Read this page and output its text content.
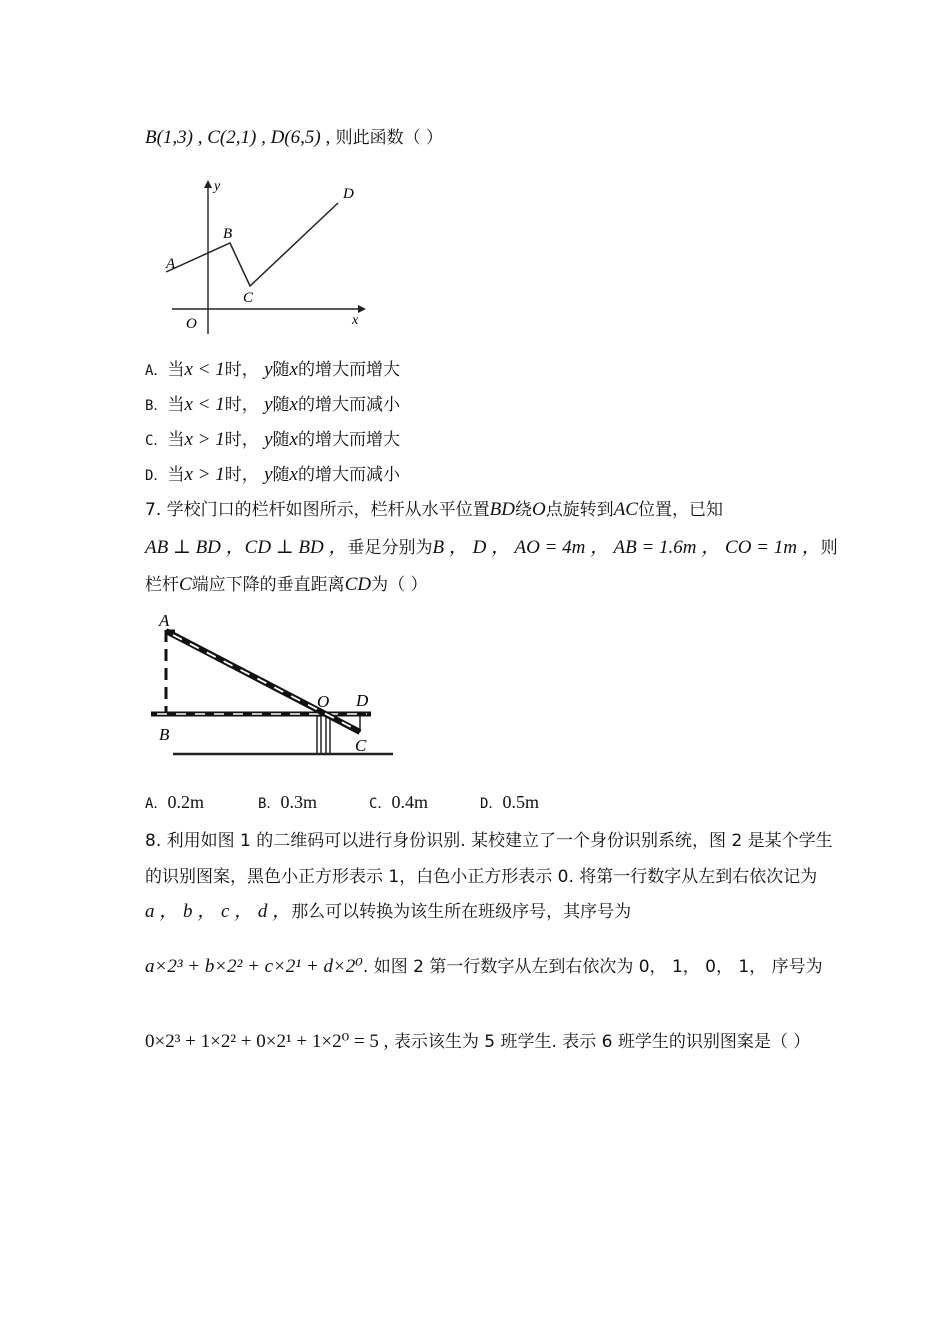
B(1,3) , C(2,1) , D(6,5) , 则此函数（ ）
y
x
O
A
B
C
D
A．当x < 1时， y随x的增大而增大
B．当x < 1时， y随x的增大而减小
C．当x > 1时， y随x的增大而增大
D．当x > 1时， y随x的增大而减小
7. 学校门口的栏杆如图所示，栏杆从水平位置BD绕O点旋转到AC位置，已知
AB ⊥ BD ，CD ⊥ BD ，垂足分别为B ， D ， AO = 4m ， AB = 1.6m ， CO = 1m ，则
栏杆C端应下降的垂直距离CD为（ ）
A
B
O D
C
A．0.2m	B．0.3m	C．0.4m	D．0.5m
8. 利用如图 1 的二维码可以进行身份识别. 某校建立了一个身份识别系统，图 2 是某个学生
的识别图案，黑色小正方形表示 1，白色小正方形表示 0. 将第一行数字从左到右依次记为
a ， b ， c ， d ，那么可以转换为该生所在班级序号，其序号为
a×2³ + b×2² + c×2¹ + d×2⁰. 如图 2 第一行数字从左到右依次为 0， 1， 0， 1， 序号为
0×2³ + 1×2² + 0×2¹ + 1×2⁰ = 5 , 表示该生为 5 班学生. 表示 6 班学生的识别图案是（ ）
